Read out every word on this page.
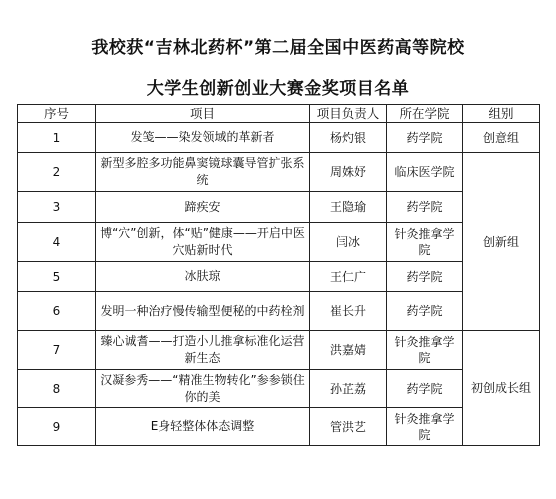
我校获“吉林北药杯”第二届全国中医药高等院校
大学生创新创业大赛金奖项目名单
序号	项目	项目负责人	所在学院	组别
1	发笺——染发领域的革新者	杨灼银	药学院	创意组
2	新型多腔多功能鼻窦镜球囊导管扩张系统	周姝妤	临床医学院	创新组
3	蹄疾安	王隐瑜	药学院	
4	博“穴”创新，体“贴”健康——开启中医穴贴新时代	闫冰	针灸推拿学院	
5	冰肤琼	王仁广	药学院	
6	发明一种治疗慢传输型便秘的中药栓剂	崔长升	药学院	
7	臻心诚耆——打造小儿推拿标准化运营新生态	洪嘉婧	针灸推拿学院	初创成长组
8	汉凝参秀——“精准生物转化”参参锁住你的美	孙芷荔	药学院	
9	E身轻整体体态调整	管洪艺	针灸推拿学院	
